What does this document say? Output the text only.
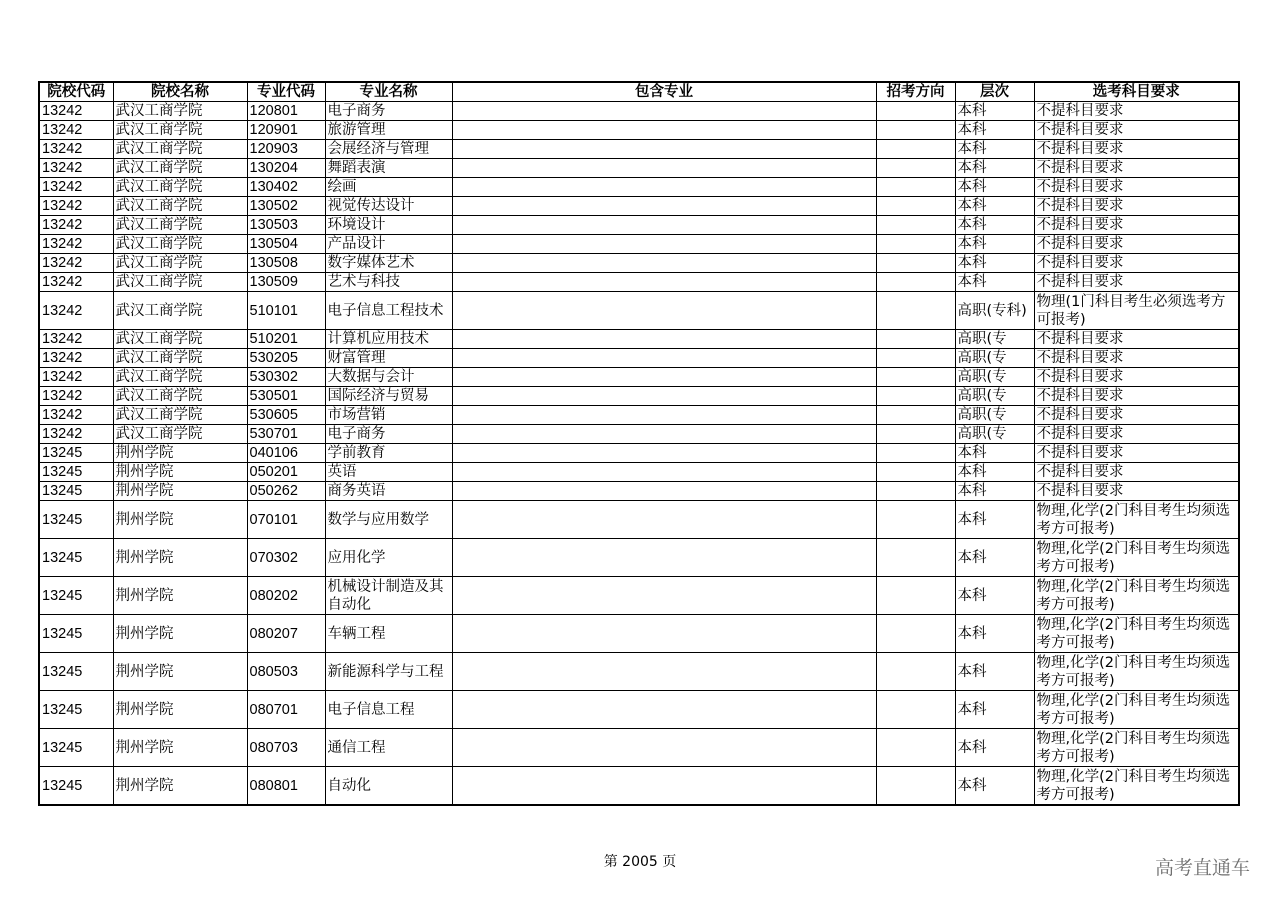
院校代码	院校名称	专业代码	专业名称	包含专业	招考方向	层次	选考科目要求
13242	武汉工商学院	120801	电子商务			本科	不提科目要求
13242	武汉工商学院	120901	旅游管理			本科	不提科目要求
13242	武汉工商学院	120903	会展经济与管理			本科	不提科目要求
13242	武汉工商学院	130204	舞蹈表演			本科	不提科目要求
13242	武汉工商学院	130402	绘画			本科	不提科目要求
13242	武汉工商学院	130502	视觉传达设计			本科	不提科目要求
13242	武汉工商学院	130503	环境设计			本科	不提科目要求
13242	武汉工商学院	130504	产品设计			本科	不提科目要求
13242	武汉工商学院	130508	数字媒体艺术			本科	不提科目要求
13242	武汉工商学院	130509	艺术与科技			本科	不提科目要求
13242	武汉工商学院	510101	电子信息工程技术			高职(专科)	物理(1门科目考生必须选考方可报考)
13242	武汉工商学院	510201	计算机应用技术			高职(专	不提科目要求
13242	武汉工商学院	530205	财富管理			高职(专	不提科目要求
13242	武汉工商学院	530302	大数据与会计			高职(专	不提科目要求
13242	武汉工商学院	530501	国际经济与贸易			高职(专	不提科目要求
13242	武汉工商学院	530605	市场营销			高职(专	不提科目要求
13242	武汉工商学院	530701	电子商务			高职(专	不提科目要求
13245	荆州学院	040106	学前教育			本科	不提科目要求
13245	荆州学院	050201	英语			本科	不提科目要求
13245	荆州学院	050262	商务英语			本科	不提科目要求
13245	荆州学院	070101	数学与应用数学			本科	物理,化学(2门科目考生均须选考方可报考)
13245	荆州学院	070302	应用化学			本科	物理,化学(2门科目考生均须选考方可报考)
13245	荆州学院	080202	机械设计制造及其自动化			本科	物理,化学(2门科目考生均须选考方可报考)
13245	荆州学院	080207	车辆工程			本科	物理,化学(2门科目考生均须选考方可报考)
13245	荆州学院	080503	新能源科学与工程			本科	物理,化学(2门科目考生均须选考方可报考)
13245	荆州学院	080701	电子信息工程			本科	物理,化学(2门科目考生均须选考方可报考)
13245	荆州学院	080703	通信工程			本科	物理,化学(2门科目考生均须选考方可报考)
13245	荆州学院	080801	自动化			本科	物理,化学(2门科目考生均须选考方可报考)
第 2005 页	高考直通车
